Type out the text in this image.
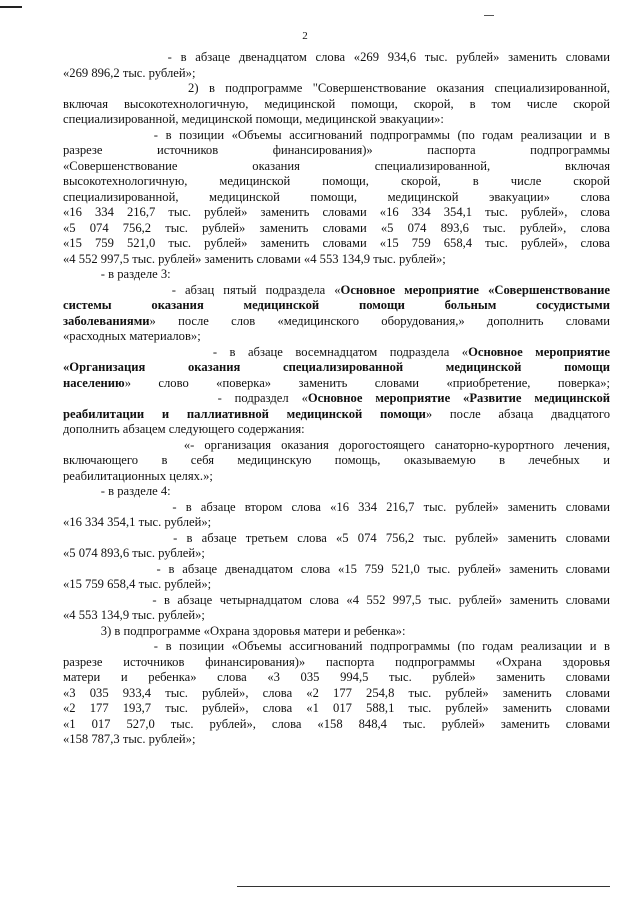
2
- в абзаце двенадцатом слова «269 934,6 тыс. рублей» заменить словами
«269 896,2 тыс. рублей»;
2) в подпрограмме "Совершенствование оказания специализированной,
включая высокотехнологичную, медицинской помощи, скорой, в том числе скорой
специализированной, медицинской помощи, медицинской эвакуации»:
- в позиции «Объемы ассигнований подпрограммы (по годам реализации и в
разрезе источников финансирования)» паспорта подпрограммы
«Совершенствование оказания специализированной, включая
высокотехнологичную, медицинской помощи, скорой, в числе скорой
специализированной, медицинской помощи, медицинской эвакуации» слова
«16 334 216,7 тыс. рублей» заменить словами «16 334 354,1 тыс. рублей», слова
«5 074 756,2 тыс. рублей» заменить словами «5 074 893,6 тыс. рублей», слова
«15 759 521,0 тыс. рублей» заменить словами «15 759 658,4 тыс. рублей», слова
«4 552 997,5 тыс. рублей» заменить словами «4 553 134,9 тыс. рублей»;
- в разделе 3:
- абзац пятый подраздела «Основное мероприятие «Совершенствование
системы оказания медицинской помощи больным сосудистыми
заболеваниями» после слов «медицинского оборудования,» дополнить словами
«расходных материалов»;
- в абзаце восемнадцатом подраздела «Основное мероприятие
«Организация оказания специализированной медицинской помощи
населению» слово «поверка» заменить словами «приобретение, поверка»;
- подраздел «Основное мероприятие «Развитие медицинской
реабилитации и паллиативной медицинской помощи» после абзаца двадцатого
дополнить абзацем следующего содержания:
«- организация оказания дорогостоящего санаторно-курортного лечения,
включающего в себя медицинскую помощь, оказываемую в лечебных и
реабилитационных целях.»;
- в разделе 4:
- в абзаце втором слова «16 334 216,7 тыс. рублей» заменить словами
«16 334 354,1 тыс. рублей»;
- в абзаце третьем слова «5 074 756,2 тыс. рублей» заменить словами
«5 074 893,6 тыс. рублей»;
- в абзаце двенадцатом слова «15 759 521,0 тыс. рублей» заменить словами
«15 759 658,4 тыс. рублей»;
- в абзаце четырнадцатом слова «4 552 997,5 тыс. рублей» заменить словами
«4 553 134,9 тыс. рублей»;
3) в подпрограмме «Охрана здоровья матери и ребенка»:
- в позиции «Объемы ассигнований подпрограммы (по годам реализации и в
разрезе источников финансирования)» паспорта подпрограммы «Охрана здоровья
матери и ребенка» слова «3 035 994,5 тыс. рублей» заменить словами
«3 035 933,4 тыс. рублей», слова «2 177 254,8 тыс. рублей» заменить словами
«2 177 193,7 тыс. рублей», слова «1 017 588,1 тыс. рублей» заменить словами
«1 017 527,0 тыс. рублей», слова «158 848,4 тыс. рублей» заменить словами
«158 787,3 тыс. рублей»;
